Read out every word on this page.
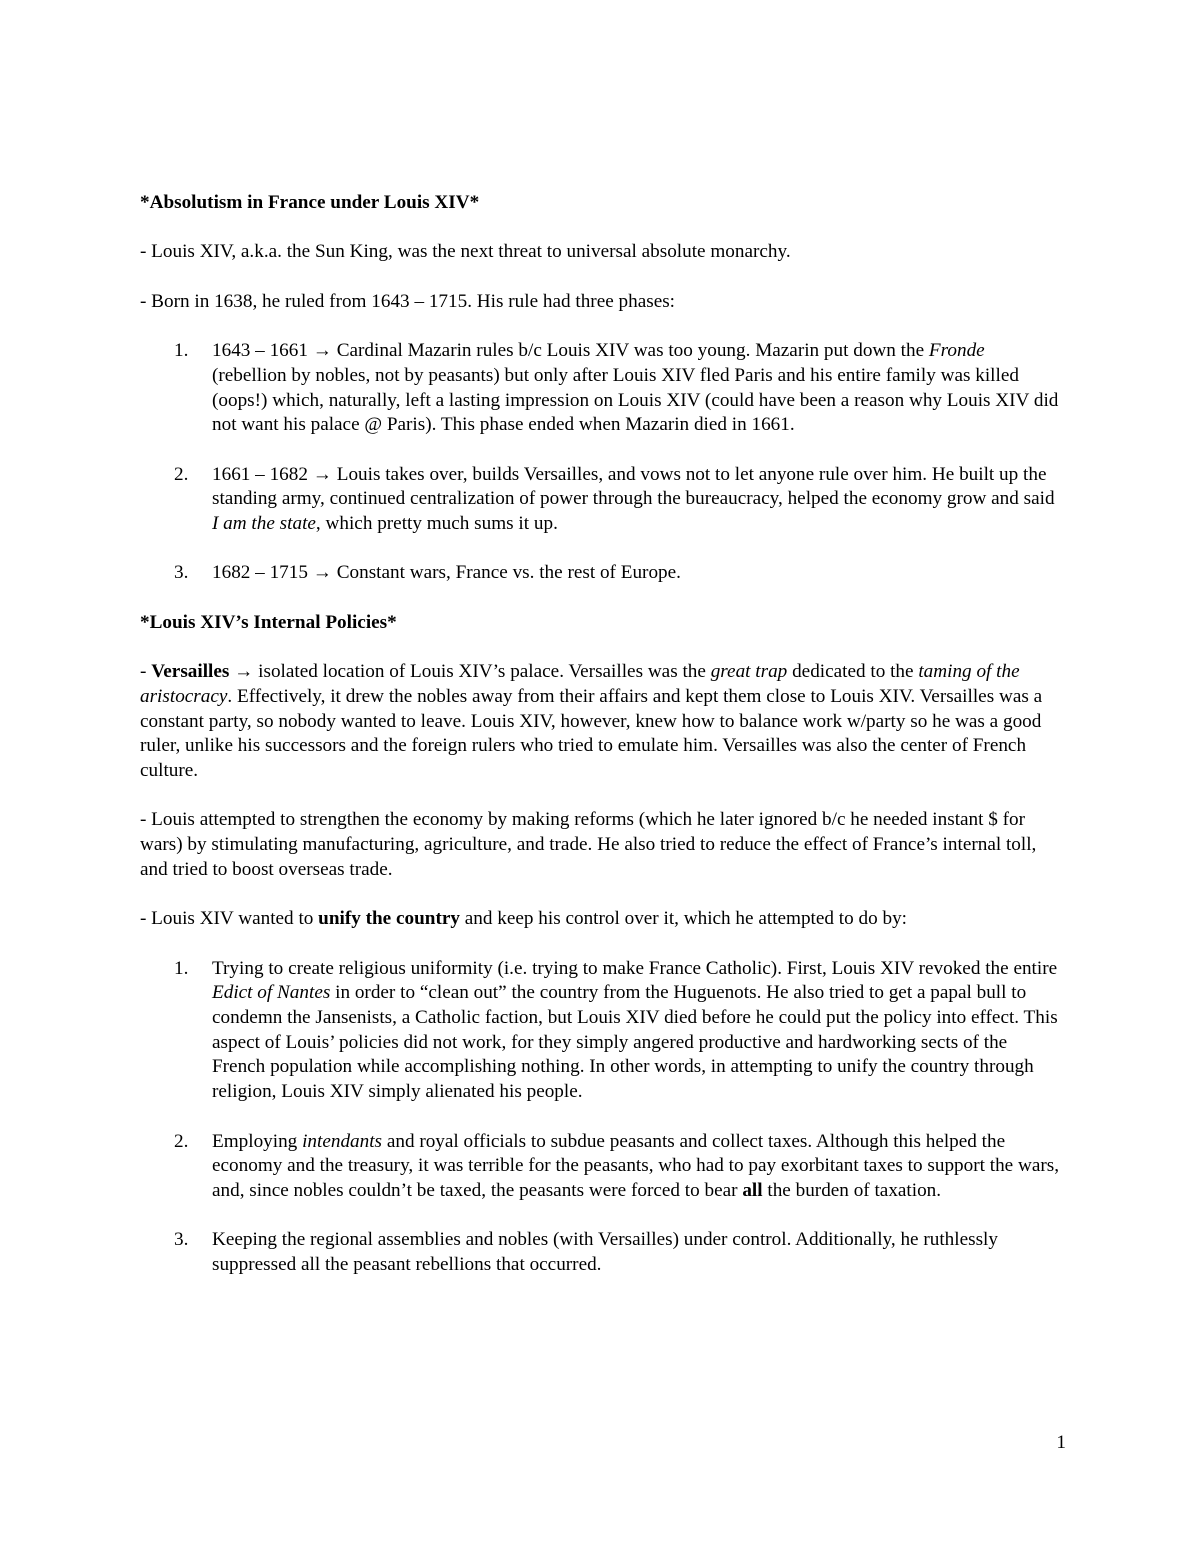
*Absolutism in France under Louis XIV*

- Louis XIV, a.k.a. the Sun King, was the next threat to universal absolute monarchy.

- Born in 1638, he ruled from 1643 – 1715. His rule had three phases:

1. 1643 – 1661 → Cardinal Mazarin rules b/c Louis XIV was too young. Mazarin put down the Fronde (rebellion by nobles, not by peasants) but only after Louis XIV fled Paris and his entire family was killed (oops!) which, naturally, left a lasting impression on Louis XIV (could have been a reason why Louis XIV did not want his palace @ Paris). This phase ended when Mazarin died in 1661.
2. 1661 – 1682 → Louis takes over, builds Versailles, and vows not to let anyone rule over him. He built up the standing army, continued centralization of power through the bureaucracy, helped the economy grow and said I am the state, which pretty much sums it up.
3. 1682 – 1715 → Constant wars, France vs. the rest of Europe.

*Louis XIV’s Internal Policies*

- Versailles → isolated location of Louis XIV’s palace. Versailles was the great trap dedicated to the taming of the aristocracy. Effectively, it drew the nobles away from their affairs and kept them close to Louis XIV. Versailles was a constant party, so nobody wanted to leave. Louis XIV, however, knew how to balance work w/party so he was a good ruler, unlike his successors and the foreign rulers who tried to emulate him. Versailles was also the center of French culture.

- Louis attempted to strengthen the economy by making reforms (which he later ignored b/c he needed instant $ for wars) by stimulating manufacturing, agriculture, and trade. He also tried to reduce the effect of France’s internal toll, and tried to boost overseas trade.

- Louis XIV wanted to unify the country and keep his control over it, which he attempted to do by:

1. Trying to create religious uniformity (i.e. trying to make France Catholic). First, Louis XIV revoked the entire Edict of Nantes in order to “clean out” the country from the Huguenots. He also tried to get a papal bull to condemn the Jansenists, a Catholic faction, but Louis XIV died before he could put the policy into effect. This aspect of Louis’ policies did not work, for they simply angered productive and hardworking sects of the French population while accomplishing nothing. In other words, in attempting to unify the country through religion, Louis XIV simply alienated his people.
2. Employing intendants and royal officials to subdue peasants and collect taxes. Although this helped the economy and the treasury, it was terrible for the peasants, who had to pay exorbitant taxes to support the wars, and, since nobles couldn’t be taxed, the peasants were forced to bear all the burden of taxation.
3. Keeping the regional assemblies and nobles (with Versailles) under control. Additionally, he ruthlessly suppressed all the peasant rebellions that occurred.
1
